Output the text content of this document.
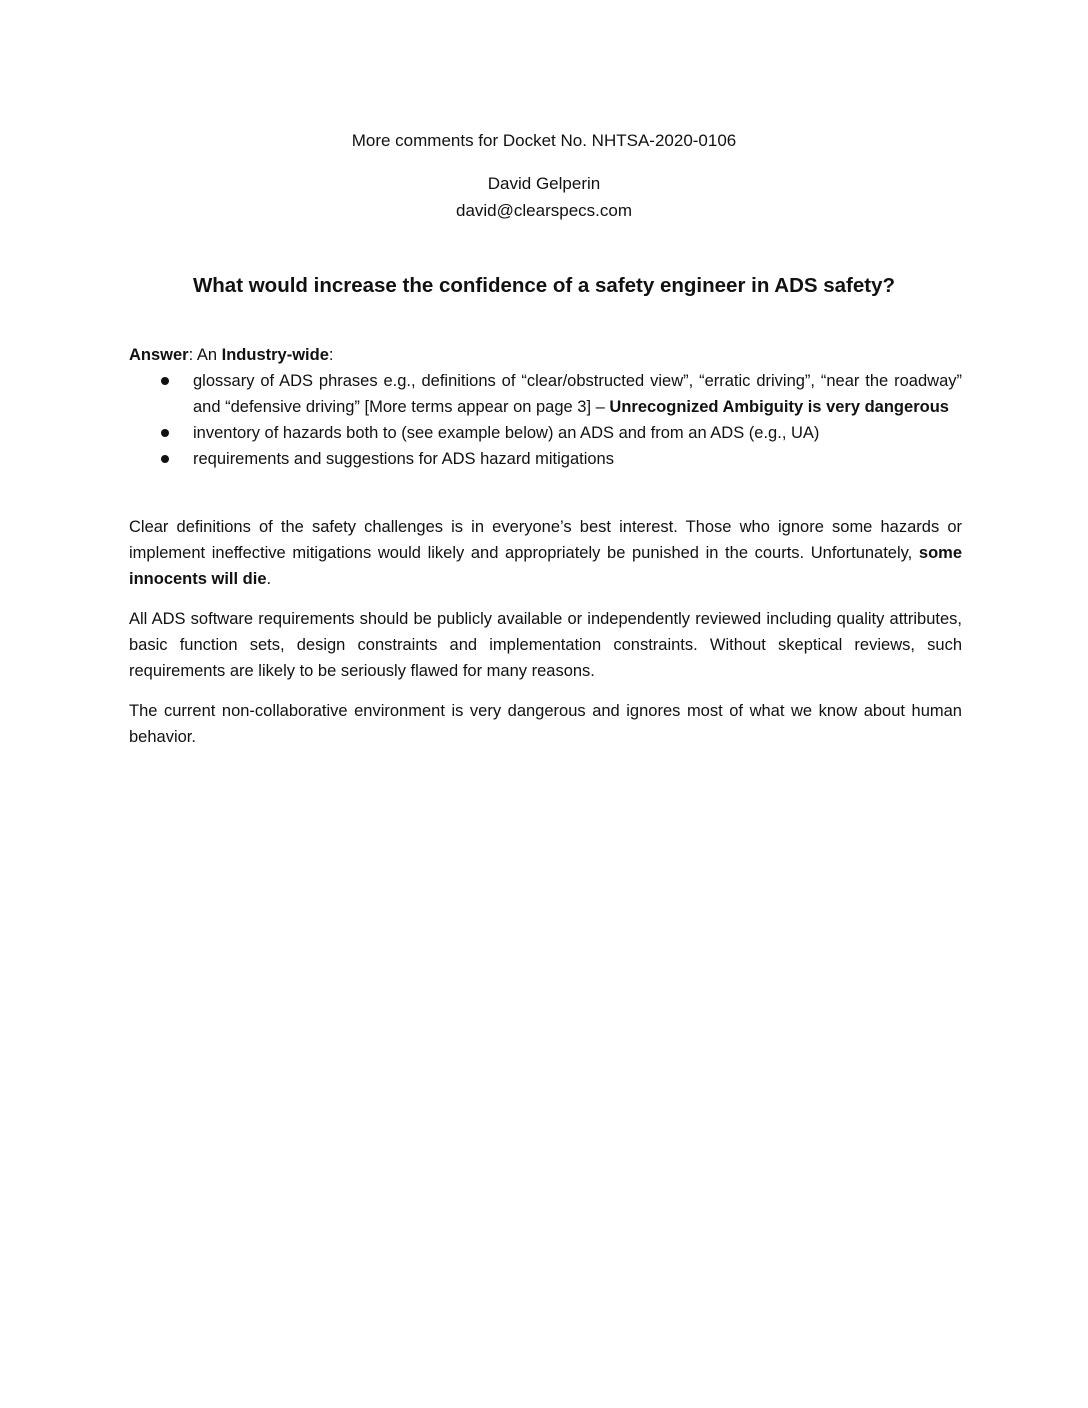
More comments for Docket No. NHTSA-2020-0106
David Gelperin
david@clearspecs.com
What would increase the confidence of a safety engineer in ADS safety?
Answer: An Industry-wide:
glossary of ADS phrases e.g., definitions of “clear/obstructed view”, “erratic driving”, “near the roadway” and “defensive driving” [More terms appear on page 3] – Unrecognized Ambiguity is very dangerous
inventory of hazards both to (see example below) an ADS and from an ADS (e.g., UA)
requirements and suggestions for ADS hazard mitigations
Clear definitions of the safety challenges is in everyone’s best interest. Those who ignore some hazards or implement ineffective mitigations would likely and appropriately be punished in the courts. Unfortunately, some innocents will die.
All ADS software requirements should be publicly available or independently reviewed including quality attributes, basic function sets, design constraints and implementation constraints. Without skeptical reviews, such requirements are likely to be seriously flawed for many reasons.
The current non-collaborative environment is very dangerous and ignores most of what we know about human behavior.
